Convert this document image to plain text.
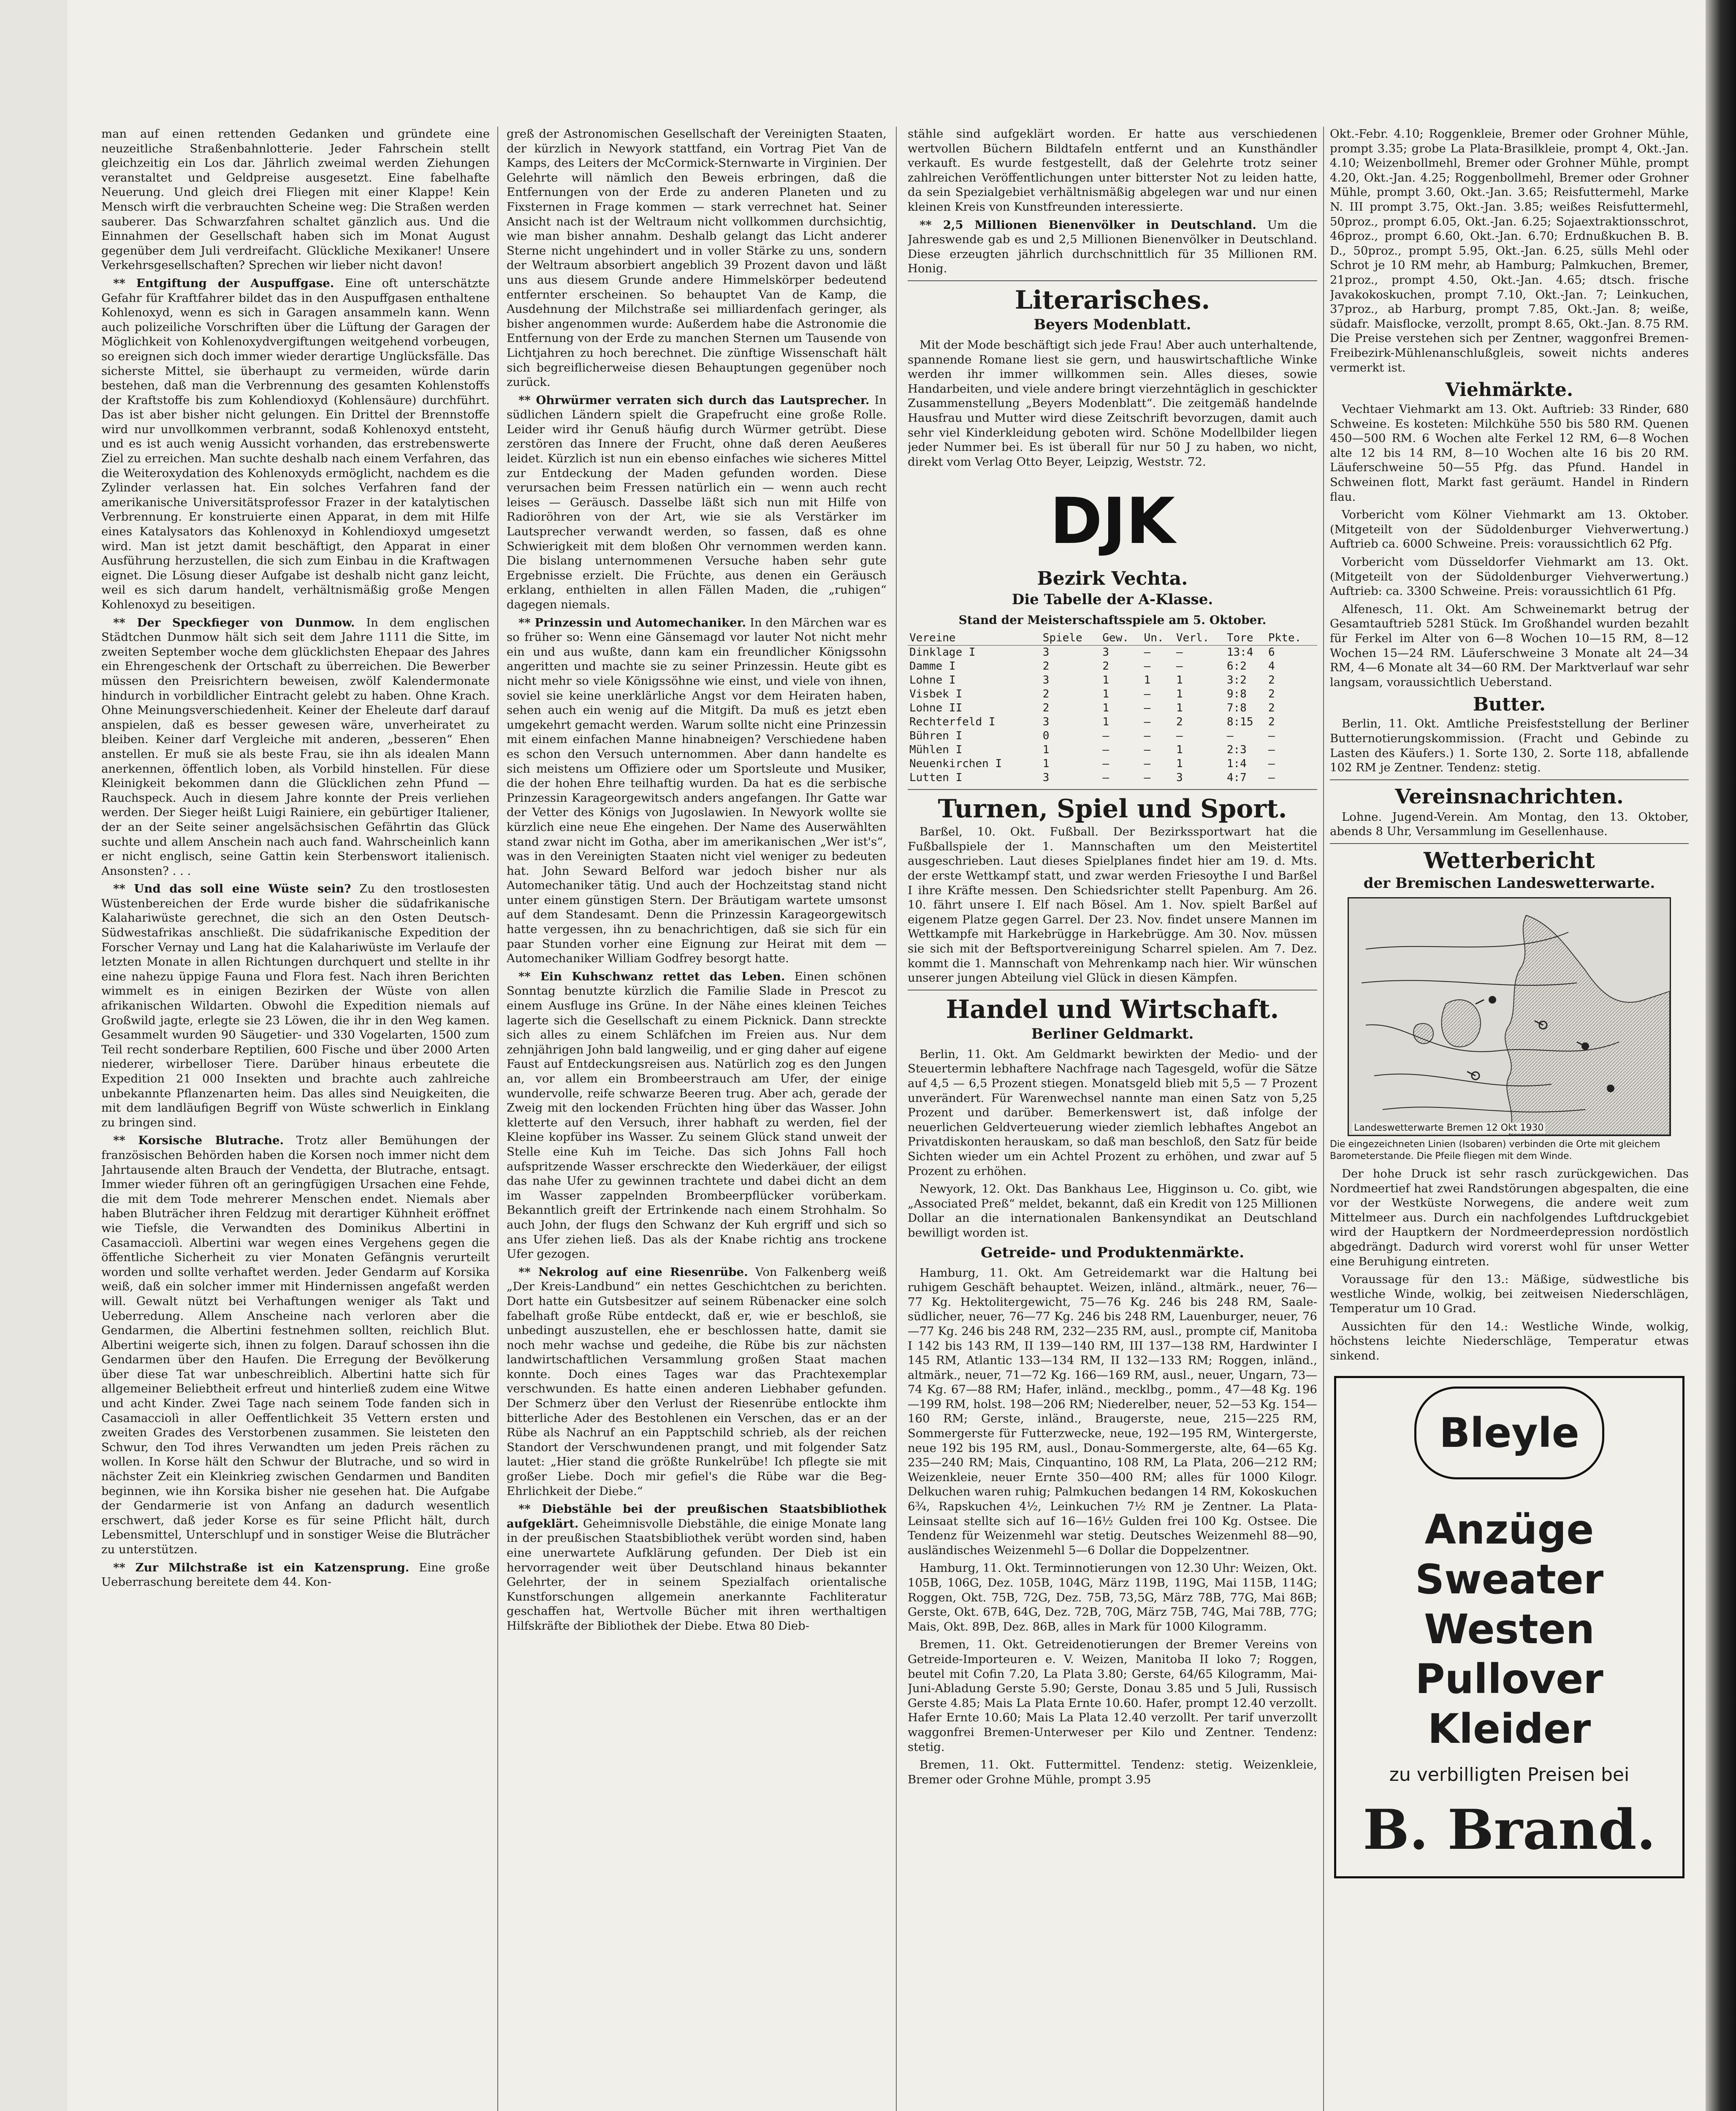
man auf einen rettenden Gedanken und gründete eine neuzeitliche Straßenbahnlotterie. Jeder Fahrschein stellt gleichzeitig ein Los dar. Jährlich zweimal werden Ziehungen veranstaltet und Geldpreise ausgesetzt. Eine fabelhafte Neuerung. Und gleich drei Fliegen mit einer Klappe! Kein Mensch wirft die verbrauchten Scheine weg: Die Straßen werden sauberer. Das Schwarzfahren schaltet gänzlich aus. Und die Einnahmen der Gesellschaft haben sich im Monat August gegenüber dem Juli verdreifacht. Glückliche Mexikaner! Unsere Verkehrsgesellschaften? Sprechen wir lieber nicht davon!

** Entgiftung der Auspuffgase. Eine oft unterschätzte Gefahr für Kraftfahrer bildet das in den Auspuffgasen enthaltene Kohlenoxyd, wenn es sich in Garagen ansammeln kann. Wenn auch polizeiliche Vorschriften über die Lüftung der Garagen der Möglichkeit von Kohlenoxydvergiftungen weitgehend vorbeugen, so ereignen sich doch immer wieder derartige Unglücksfälle. Das sicherste Mittel, sie überhaupt zu vermeiden, würde darin bestehen, daß man die Verbrennung des gesamten Kohlenstoffs der Kraftstoffe bis zum Kohlendioxyd (Kohlensäure) durchführt. Das ist aber bisher nicht gelungen. Ein Drittel der Brennstoffe wird nur unvollkommen verbrannt, sodaß Kohlenoxyd entsteht, und es ist auch wenig Aussicht vorhanden, das erstrebenswerte Ziel zu erreichen. Man suchte deshalb nach einem Verfahren, das die Weiteroxydation des Kohlenoxyds ermöglicht, nachdem es die Zylinder verlassen hat. Ein solches Verfahren fand der amerikanische Universitätsprofessor Frazer in der katalytischen Verbrennung. Er konstruierte einen Apparat, in dem mit Hilfe eines Katalysators das Kohlenoxyd in Kohlendioxyd umgesetzt wird. Man ist jetzt damit beschäftigt, den Apparat in einer Ausführung herzustellen, die sich zum Einbau in die Kraftwagen eignet. Die Lösung dieser Aufgabe ist deshalb nicht ganz leicht, weil es sich darum handelt, verhältnismäßig große Mengen Kohlenoxyd zu beseitigen.

** Der Speckfieger von Dunmow. In dem englischen Städtchen Dunmow hält sich seit dem Jahre 1111 die Sitte, im zweiten September woche dem glücklichsten Ehepaar des Jahres ein Ehrengeschenk der Ortschaft zu überreichen. Die Bewerber müssen den Preisrichtern beweisen, zwölf Kalendermonate hindurch in vorbildlicher Eintracht gelebt zu haben. Ohne Krach. Ohne Meinungsverschiedenheit. Keiner der Eheleute darf darauf anspielen, daß es besser gewesen wäre, unverheiratet zu bleiben. Keiner darf Vergleiche mit anderen, „besseren“ Ehen anstellen. Er muß sie als beste Frau, sie ihn als idealen Mann anerkennen, öffentlich loben, als Vorbild hinstellen. Für diese Kleinigkeit bekommen dann die Glücklichen zehn Pfund — Rauchspeck. Auch in diesem Jahre konnte der Preis verliehen werden. Der Sieger heißt Luigi Rainiere, ein gebürtiger Italiener, der an der Seite seiner angelsächsischen Gefährtin das Glück suchte und allem Anschein nach auch fand. Wahrscheinlich kann er nicht englisch, seine Gattin kein Sterbenswort italienisch. Ansonsten? . . .

** Und das soll eine Wüste sein? Zu den trostlosesten Wüstenbereichen der Erde wurde bisher die südafrikanische Kalahariwüste gerechnet, die sich an den Osten Deutsch-Südwestafrikas anschließt. Die südafrikanische Expedition der Forscher Vernay und Lang hat die Kalahariwüste im Verlaufe der letzten Monate in allen Richtungen durchquert und stellte in ihr eine nahezu üppige Fauna und Flora fest. Nach ihren Berichten wimmelt es in einigen Bezirken der Wüste von allen afrikanischen Wildarten. Obwohl die Expedition niemals auf Großwild jagte, erlegte sie 23 Löwen, die ihr in den Weg kamen. Gesammelt wurden 90 Säugetier- und 330 Vogelarten, 1500 zum Teil recht sonderbare Reptilien, 600 Fische und über 2000 Arten niederer, wirbelloser Tiere. Darüber hinaus erbeutete die Expedition 21 000 Insekten und brachte auch zahlreiche unbekannte Pflanzenarten heim. Das alles sind Neuigkeiten, die mit dem landläufigen Begriff von Wüste schwerlich in Einklang zu bringen sind.

** Korsische Blutrache. Trotz aller Bemühungen der französischen Behörden haben die Korsen noch immer nicht dem Jahrtausende alten Brauch der Vendetta, der Blutrache, entsagt. Immer wieder führen oft an geringfügigen Ursachen eine Fehde, die mit dem Tode mehrerer Menschen endet. Niemals aber haben Bluträcher ihren Feldzug mit derartiger Kühnheit eröffnet wie Tiefsle, die Verwandten des Dominikus Albertini in Casamacciolì. Albertini war wegen eines Vergehens gegen die öffentliche Sicherheit zu vier Monaten Gefängnis verurteilt worden und sollte verhaftet werden. Jeder Gendarm auf Korsika weiß, daß ein solcher immer mit Hindernissen angefaßt werden will. Gewalt nützt bei Verhaftungen weniger als Takt und Ueberredung. Allem Anscheine nach verloren aber die Gendarmen, die Albertini festnehmen sollten, reichlich Blut. Albertini weigerte sich, ihnen zu folgen. Darauf schossen ihn die Gendarmen über den Haufen. Die Erregung der Bevölkerung über diese Tat war unbeschreiblich. Albertini hatte sich für allgemeiner Beliebtheit erfreut und hinterließ zudem eine Witwe und acht Kinder. Zwei Tage nach seinem Tode fanden sich in Casamacciolì in aller Oeffentlichkeit 35 Vettern ersten und zweiten Grades des Verstorbenen zusammen. Sie leisteten den Schwur, den Tod ihres Verwandten um jeden Preis rächen zu wollen. In Korse hält den Schwur der Blutrache, und so wird in nächster Zeit ein Kleinkrieg zwischen Gendarmen und Banditen beginnen, wie ihn Korsika bisher nie gesehen hat. Die Aufgabe der Gendarmerie ist von Anfang an dadurch wesentlich erschwert, daß jeder Korse es für seine Pflicht hält, durch Lebensmittel, Unterschlupf und in sonstiger Weise die Bluträcher zu unterstützen.

** Zur Milchstraße ist ein Katzensprung. Eine große Ueberraschung bereitete dem 44. Kon-

greß der Astronomischen Gesellschaft der Vereinigten Staaten, der kürzlich in Newyork stattfand, ein Vortrag Piet Van de Kamps, des Leiters der McCormick-Sternwarte in Virginien. Der Gelehrte will nämlich den Beweis erbringen, daß die Entfernungen von der Erde zu anderen Planeten und zu Fixsternen in Frage kommen — stark verrechnet hat. Seiner Ansicht nach ist der Weltraum nicht vollkommen durchsichtig, wie man bisher annahm. Deshalb gelangt das Licht anderer Sterne nicht ungehindert und in voller Stärke zu uns, sondern der Weltraum absorbiert angeblich 39 Prozent davon und läßt uns aus diesem Grunde andere Himmelskörper bedeutend entfernter erscheinen. So behauptet Van de Kamp, die Ausdehnung der Milchstraße sei milliardenfach geringer, als bisher angenommen wurde: Außerdem habe die Astronomie die Entfernung von der Erde zu manchen Sternen um Tausende von Lichtjahren zu hoch berechnet. Die zünftige Wissenschaft hält sich begreiflicherweise diesen Behauptungen gegenüber noch zurück.

** Ohrwürmer verraten sich durch das Lautsprecher. In südlichen Ländern spielt die Grapefrucht eine große Rolle. Leider wird ihr Genuß häufig durch Würmer getrübt. Diese zerstören das Innere der Frucht, ohne daß deren Aeußeres leidet. Kürzlich ist nun ein ebenso einfaches wie sicheres Mittel zur Entdeckung der Maden gefunden worden. Diese verursachen beim Fressen natürlich ein — wenn auch recht leises — Geräusch. Dasselbe läßt sich nun mit Hilfe von Radioröhren von der Art, wie sie als Verstärker im Lautsprecher verwandt werden, so fassen, daß es ohne Schwierigkeit mit dem bloßen Ohr vernommen werden kann. Die bislang unternommenen Versuche haben sehr gute Ergebnisse erzielt. Die Früchte, aus denen ein Geräusch erklang, enthielten in allen Fällen Maden, die „ruhigen“ dagegen niemals.

** Prinzessin und Automechaniker. In den Märchen war es so früher so: Wenn eine Gänsemagd vor lauter Not nicht mehr ein und aus wußte, dann kam ein freundlicher Königssohn angeritten und machte sie zu seiner Prinzessin. Heute gibt es nicht mehr so viele Königssöhne wie einst, und viele von ihnen, soviel sie keine unerklärliche Angst vor dem Heiraten haben, sehen auch ein wenig auf die Mitgift. Da muß es jetzt eben umgekehrt gemacht werden. Warum sollte nicht eine Prinzessin mit einem einfachen Manne hinabneigen? Verschiedene haben es schon den Versuch unternommen. Aber dann handelte es sich meistens um Offiziere oder um Sportsleute und Musiker, die der hohen Ehre teilhaftig wurden. Da hat es die serbische Prinzessin Karageorgewitsch anders angefangen. Ihr Gatte war der Vetter des Königs von Jugoslawien. In Newyork wollte sie kürzlich eine neue Ehe eingehen. Der Name des Auserwählten stand zwar nicht im Gotha, aber im amerikanischen „Wer ist's“, was in den Vereinigten Staaten nicht viel weniger zu bedeuten hat. John Seward Belford war jedoch bisher nur als Automechaniker tätig. Und auch der Hochzeitstag stand nicht unter einem günstigen Stern. Der Bräutigam wartete umsonst auf dem Standesamt. Denn die Prinzessin Karageorgewitsch hatte vergessen, ihn zu benachrichtigen, daß sie sich für ein paar Stunden vorher eine Eignung zur Heirat mit dem — Automechaniker William Godfrey besorgt hatte.

** Ein Kuhschwanz rettet das Leben. Einen schönen Sonntag benutzte kürzlich die Familie Slade in Prescot zu einem Ausfluge ins Grüne. In der Nähe eines kleinen Teiches lagerte sich die Gesellschaft zu einem Picknick. Dann streckte sich alles zu einem Schläfchen im Freien aus. Nur dem zehnjährigen John bald langweilig, und er ging daher auf eigene Faust auf Entdeckungsreisen aus. Natürlich zog es den Jungen an, vor allem ein Brombeerstrauch am Ufer, der einige wundervolle, reife schwarze Beeren trug. Aber ach, gerade der Zweig mit den lockenden Früchten hing über das Wasser. John kletterte auf den Versuch, ihrer habhaft zu werden, fiel der Kleine kopfüber ins Wasser. Zu seinem Glück stand unweit der Stelle eine Kuh im Teiche. Das sich Johns Fall hoch aufspritzende Wasser erschreckte den Wiederkäuer, der eiligst das nahe Ufer zu gewinnen trachtete und dabei dicht an dem im Wasser zappelnden Brombeerpflücker vorüberkam. Bekanntlich greift der Ertrinkende nach einem Strohhalm. So auch John, der flugs den Schwanz der Kuh ergriff und sich so ans Ufer ziehen ließ. Das als der Knabe richtig ans trockene Ufer gezogen.

** Nekrolog auf eine Riesenrübe. Von Falkenberg weiß „Der Kreis-Landbund“ ein nettes Geschichtchen zu berichten. Dort hatte ein Gutsbesitzer auf seinem Rübenacker eine solch fabelhaft große Rübe entdeckt, daß er, wie er beschloß, sie unbedingt auszustellen, ehe er beschlossen hatte, damit sie noch mehr wachse und gedeihe, die Rübe bis zur nächsten landwirtschaftlichen Versammlung großen Staat machen konnte. Doch eines Tages war das Prachtexemplar verschwunden. Es hatte einen anderen Liebhaber gefunden. Der Schmerz über den Verlust der Riesenrübe entlockte ihm bitterliche Ader des Bestohlenen ein Verschen, das er an der Rübe als Nachruf an ein Papptschild schrieb, als der reichen Standort der Verschwundenen prangt, und mit folgender Satz lautet: „Hier stand die größte Runkelrübe! Ich pflegte sie mit großer Liebe. Doch mir gefiel's die Rübe war die Beg-Ehrlichkeit der Diebe.“

** Diebstähle bei der preußischen Staatsbibliothek aufgeklärt. Geheimnisvolle Diebstähle, die einige Monate lang in der preußischen Staatsbibliothek verübt worden sind, haben eine unerwartete Aufklärung gefunden. Der Dieb ist ein hervorragender weit über Deutschland hinaus bekannter Gelehrter, der in seinem Spezialfach orientalische Kunstforschungen allgemein anerkannte Fachliteratur geschaffen hat, Wertvolle Bücher mit ihren werthaltigen Hilfskräfte der Bibliothek der Diebe. Etwa 80 Dieb-

stähle sind aufgeklärt worden. Er hatte aus verschiedenen wertvollen Büchern Bildtafeln entfernt und an Kunsthändler verkauft. Es wurde festgestellt, daß der Gelehrte trotz seiner zahlreichen Veröffentlichungen unter bitterster Not zu leiden hatte, da sein Spezialgebiet verhältnismäßig abgelegen war und nur einen kleinen Kreis von Kunstfreunden interessierte.

** 2,5 Millionen Bienenvölker in Deutschland. Um die Jahreswende gab es und 2,5 Millionen Bienenvölker in Deutschland. Diese erzeugten jährlich durchschnittlich für 35 Millionen RM. Honig.

Literarisches.
Beyers Modenblatt.

Mit der Mode beschäftigt sich jede Frau! Aber auch unterhaltende, spannende Romane liest sie gern, und hauswirtschaftliche Winke werden ihr immer willkommen sein. Alles dieses, sowie Handarbeiten, und viele andere bringt vierzehntäglich in geschickter Zusammenstellung „Beyers Modenblatt“. Die zeitgemäß handelnde Hausfrau und Mutter wird diese Zeitschrift bevorzugen, damit auch sehr viel Kinderkleidung geboten wird. Schöne Modellbilder liegen jeder Nummer bei. Es ist überall für nur 50 J zu haben, wo nicht, direkt vom Verlag Otto Beyer, Leipzig, Weststr. 72.

DJK
Bezirk Vechta.
Die Tabelle der A-Klasse.
Stand der Meisterschaftsspiele am 5. Oktober.
Vereine	Spiele	Gew.	Un.	Verl.	Tore	Pkte.
Dinklage I	3	3	—	—	13:4	6
Damme I	2	2	—	—	6:2	4
Lohne I	3	1	1	1	3:2	2
Visbek I	2	1	—	1	9:8	2
Lohne II	2	1	—	1	7:8	2
Rechterfeld I	3	1	—	2	8:15	2
Bühren I	0	—	—	—	—	—
Mühlen I	1	—	—	1	2:3	—
Neuenkirchen I	1	—	—	1	1:4	—
Lutten I	3	—	—	3	4:7	—
Turnen, Spiel und Sport.

Barßel, 10. Okt. Fußball. Der Bezirkssportwart hat die Fußballspiele der 1. Mannschaften um den Meistertitel ausgeschrieben. Laut dieses Spielplanes findet hier am 19. d. Mts. der erste Wettkampf statt, und zwar werden Friesoythe I und Barßel I ihre Kräfte messen. Den Schiedsrichter stellt Papenburg. Am 26. 10. fährt unsere I. Elf nach Bösel. Am 1. Nov. spielt Barßel auf eigenem Platze gegen Garrel. Der 23. Nov. findet unsere Mannen im Wettkampfe mit Harkebrügge in Harkebrügge. Am 30. Nov. müssen sie sich mit der Beftsportvereinigung Scharrel spielen. Am 7. Dez. kommt die 1. Mannschaft von Mehrenkamp nach hier. Wir wünschen unserer jungen Abteilung viel Glück in diesen Kämpfen.

Handel und Wirtschaft.
Berliner Geldmarkt.

Berlin, 11. Okt. Am Geldmarkt bewirkten der Medio- und der Steuertermin lebhaftere Nachfrage nach Tagesgeld, wofür die Sätze auf 4,5 — 6,5 Prozent stiegen. Monatsgeld blieb mit 5,5 — 7 Prozent unverändert. Für Warenwechsel nannte man einen Satz von 5,25 Prozent und darüber. Bemerkenswert ist, daß infolge der neuerlichen Geldverteuerung wieder ziemlich lebhaftes Angebot an Privatdiskonten herauskam, so daß man beschloß, den Satz für beide Sichten wieder um ein Achtel Prozent zu erhöhen, und zwar auf 5 Prozent zu erhöhen.

Newyork, 12. Okt. Das Bankhaus Lee, Higginson u. Co. gibt, wie „Associated Preß“ meldet, bekannt, daß ein Kredit von 125 Millionen Dollar an die internationalen Bankensyndikat an Deutschland bewilligt worden ist.

Getreide- und Produktenmärkte.

Hamburg, 11. Okt. Am Getreidemarkt war die Haltung bei ruhigem Geschäft behauptet. Weizen, inländ., altmärk., neuer, 76—77 Kg. Hektolitergewicht, 75—76 Kg. 246 bis 248 RM, Saale-südlicher, neuer, 76—77 Kg. 246 bis 248 RM, Lauenburger, neuer, 76—77 Kg. 246 bis 248 RM, 232—235 RM, ausl., prompte cif, Manitoba I 142 bis 143 RM, II 139—140 RM, III 137—138 RM, Hardwinter I 145 RM, Atlantic 133—134 RM, II 132—133 RM; Roggen, inländ., altmärk., neuer, 71—72 Kg. 166—169 RM, ausl., neuer, Ungarn, 73—74 Kg. 67—88 RM; Hafer, inländ., mecklbg., pomm., 47—48 Kg. 196—199 RM, holst. 198—206 RM; Niederelber, neuer, 52—53 Kg. 154—160 RM; Gerste, inländ., Braugerste, neue, 215—225 RM, Sommergerste für Futterzwecke, neue, 192—195 RM, Wintergerste, neue 192 bis 195 RM, ausl., Donau-Sommergerste, alte, 64—65 Kg. 235—240 RM; Mais, Cinquantino, 108 RM, La Plata, 206—212 RM; Weizenkleie, neuer Ernte 350—400 RM; alles für 1000 Kilogr. Delkuchen waren ruhig; Palmkuchen bedangen 14 RM, Kokoskuchen 6¾, Rapskuchen 4½, Leinkuchen 7½ RM je Zentner. La Plata-Leinsaat stellte sich auf 16—16½ Gulden frei 100 Kg. Ostsee. Die Tendenz für Weizenmehl war stetig. Deutsches Weizenmehl 88—90, ausländisches Weizenmehl 5—6 Dollar die Doppelzentner.

Hamburg, 11. Okt. Terminnotierungen von 12.30 Uhr: Weizen, Okt. 105B, 106G, Dez. 105B, 104G, März 119B, 119G, Mai 115B, 114G; Roggen, Okt. 75B, 72G, Dez. 75B, 73,5G, März 78B, 77G, Mai 86B; Gerste, Okt. 67B, 64G, Dez. 72B, 70G, März 75B, 74G, Mai 78B, 77G; Mais, Okt. 89B, Dez. 86B, alles in Mark für 1000 Kilogramm.

Bremen, 11. Okt. Getreidenotierungen der Bremer Vereins von Getreide-Importeuren e. V. Weizen, Manitoba II loko 7; Roggen, beutel mit Cofin 7.20, La Plata 3.80; Gerste, 64/65 Kilogramm, Mai-Juni-Abladung Gerste 5.90; Gerste, Donau 3.85 und 5 Juli, Russisch Gerste 4.85; Mais La Plata Ernte 10.60. Hafer, prompt 12.40 verzollt. Hafer Ernte 10.60; Mais La Plata 12.40 verzollt. Per tarif unverzollt waggonfrei Bremen-Unterweser per Kilo und Zentner. Tendenz: stetig.

Bremen, 11. Okt. Futtermittel. Tendenz: stetig. Weizenkleie, Bremer oder Grohne Mühle, prompt 3.95

Okt.-Febr. 4.10; Roggenkleie, Bremer oder Grohner Mühle, prompt 3.35; grobe La Plata-Brasilkleie, prompt 4, Okt.-Jan. 4.10; Weizenbollmehl, Bremer oder Grohner Mühle, prompt 4.20, Okt.-Jan. 4.25; Roggenbollmehl, Bremer oder Grohner Mühle, prompt 3.60, Okt.-Jan. 3.65; Reisfuttermehl, Marke N. III prompt 3.75, Okt.-Jan. 3.85; weißes Reisfuttermehl, 50proz., prompt 6.05, Okt.-Jan. 6.25; Sojaextraktionsschrot, 46proz., prompt 6.60, Okt.-Jan. 6.70; Erdnußkuchen B. B. D., 50proz., prompt 5.95, Okt.-Jan. 6.25, sülls Mehl oder Schrot je 10 RM mehr, ab Hamburg; Palmkuchen, Bremer, 21proz., prompt 4.50, Okt.-Jan. 4.65; dtsch. frische Javakokoskuchen, prompt 7.10, Okt.-Jan. 7; Leinkuchen, 37proz., ab Harburg, prompt 7.85, Okt.-Jan. 8; weiße, südafr. Maisflocke, verzollt, prompt 8.65, Okt.-Jan. 8.75 RM. Die Preise verstehen sich per Zentner, waggonfrei Bremen-Freibezirk-Mühlenanschlußgleis, soweit nichts anderes vermerkt ist.

Viehmärkte.

Vechtaer Viehmarkt am 13. Okt. Auftrieb: 33 Rinder, 680 Schweine. Es kosteten: Milchkühe 550 bis 580 RM. Quenen 450—500 RM. 6 Wochen alte Ferkel 12 RM, 6—8 Wochen alte 12 bis 14 RM, 8—10 Wochen alte 16 bis 20 RM. Läuferschweine 50—55 Pfg. das Pfund. Handel in Schweinen flott, Markt fast geräumt. Handel in Rindern flau.

Vorbericht vom Kölner Viehmarkt am 13. Oktober. (Mitgeteilt von der Südoldenburger Viehverwertung.) Auftrieb ca. 6000 Schweine. Preis: voraussichtlich 62 Pfg.

Vorbericht vom Düsseldorfer Viehmarkt am 13. Okt. (Mitgeteilt von der Südoldenburger Viehverwertung.) Auftrieb: ca. 3300 Schweine. Preis: voraussichtlich 61 Pfg.

Alfenesch, 11. Okt. Am Schweinemarkt betrug der Gesamtauftrieb 5281 Stück. Im Großhandel wurden bezahlt für Ferkel im Alter von 6—8 Wochen 10—15 RM, 8—12 Wochen 15—24 RM. Läuferschweine 3 Monate alt 24—34 RM, 4—6 Monate alt 34—60 RM. Der Marktverlauf war sehr langsam, voraussichtlich Ueberstand.

Butter.

Berlin, 11. Okt. Amtliche Preisfeststellung der Berliner Butternotierungskommission. (Fracht und Gebinde zu Lasten des Käufers.) 1. Sorte 130, 2. Sorte 118, abfallende 102 RM je Zentner. Tendenz: stetig.

Vereinsnachrichten.

Lohne. Jugend-Verein. Am Montag, den 13. Oktober, abends 8 Uhr, Versammlung im Gesellenhause.

Wetterbericht
der Bremischen Landeswetterwarte.
Landeswetterwarte Bremen 12 Okt 1930
Die eingezeichneten Linien (Isobaren) verbinden die Orte mit gleichem Barometerstande. Die Pfeile fliegen mit dem Winde.

Der hohe Druck ist sehr rasch zurückgewichen. Das Nordmeertief hat zwei Randstörungen abgespalten, die eine vor der Westküste Norwegens, die andere weit zum Mittelmeer aus. Durch ein nachfolgendes Luftdruckgebiet wird der Hauptkern der Nordmeerdepression nordöstlich abgedrängt. Dadurch wird vorerst wohl für unser Wetter eine Beruhigung eintreten.

Voraussage für den 13.: Mäßige, südwestliche bis westliche Winde, wolkig, bei zeitweisen Niederschlägen, Temperatur um 10 Grad.

Aussichten für den 14.: Westliche Winde, wolkig, höchstens leichte Niederschläge, Temperatur etwas sinkend.

Bleyle
Anzüge
Sweater
Westen
Pullover
Kleider
zu verbilligten Preisen bei
B. Brand.
